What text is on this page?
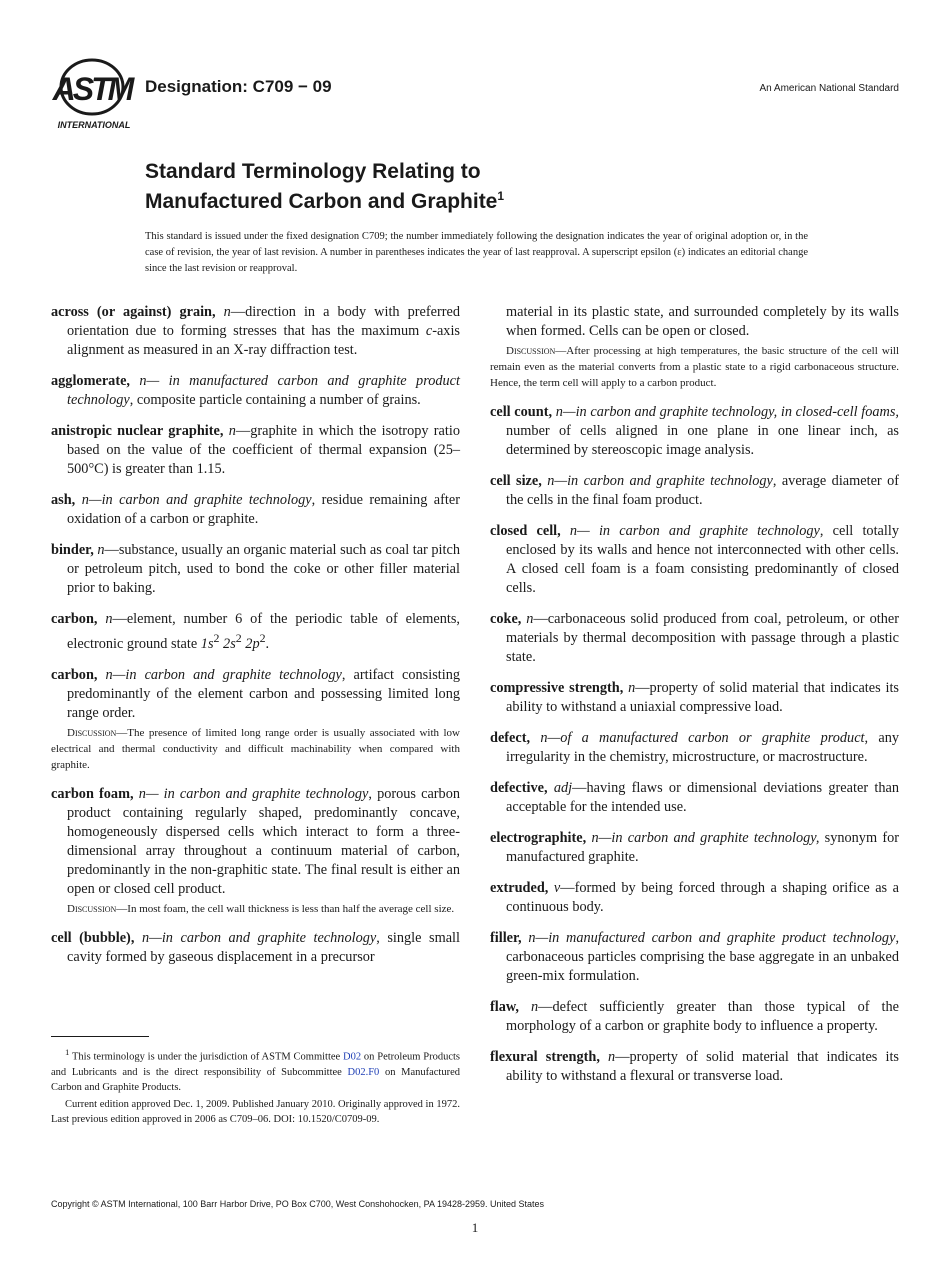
ASTM
INTERNATIONAL
Designation: C709 − 09	An American National Standard
Standard Terminology Relating to
Manufactured Carbon and Graphite$^1$
This standard is issued under the fixed designation C709; the number immediately following the designation indicates the year of original adoption or, in the case of revision, the year of last revision. A number in parentheses indicates the year of last reapproval. A superscript epsilon (ε) indicates an editorial change since the last revision or reapproval.

across (or against) grain, n—direction in a body with preferred orientation due to forming stresses that has the maximum c-axis alignment as measured in an X-ray diffraction test.

agglomerate, n— in manufactured carbon and graphite product technology, composite particle containing a number of grains.

anistropic nuclear graphite, n—graphite in which the isotropy ratio based on the value of the coefficient of thermal expansion (25–500°C) is greater than 1.15.

ash, n—in carbon and graphite technology, residue remaining after oxidation of a carbon or graphite.

binder, n—substance, usually an organic material such as coal tar pitch or petroleum pitch, used to bond the coke or other filler material prior to baking.

carbon, n—element, number 6 of the periodic table of elements, electronic ground state $1s^2$ $2s^2$ $2p^2$.

carbon, n—in carbon and graphite technology, artifact consisting predominantly of the element carbon and possessing limited long range order.

Discussion—The presence of limited long range order is usually associated with low electrical and thermal conductivity and difficult machinability when compared with graphite.

carbon foam, n— in carbon and graphite technology, porous carbon product containing regularly shaped, predominantly concave, homogeneously dispersed cells which interact to form a three-dimensional array throughout a continuum material of carbon, predominantly in the non-graphitic state. The final result is either an open or closed cell product.

Discussion—In most foam, the cell wall thickness is less than half the average cell size.

cell (bubble), n—in carbon and graphite technology, single small cavity formed by gaseous displacement in a precursor

material in its plastic state, and surrounded completely by its walls when formed. Cells can be open or closed.

Discussion—After processing at high temperatures, the basic structure of the cell will remain even as the material converts from a plastic state to a rigid carbonaceous structure. Hence, the term cell will apply to a carbon product.

cell count, n—in carbon and graphite technology, in closed-cell foams, number of cells aligned in one plane in one linear inch, as determined by stereoscopic image analysis.

cell size, n—in carbon and graphite technology, average diameter of the cells in the final foam product.

closed cell, n— in carbon and graphite technology, cell totally enclosed by its walls and hence not interconnected with other cells. A closed cell foam is a foam consisting predominantly of closed cells.

coke, n—carbonaceous solid produced from coal, petroleum, or other materials by thermal decomposition with passage through a plastic state.

compressive strength, n—property of solid material that indicates its ability to withstand a uniaxial compressive load.

defect, n—of a manufactured carbon or graphite product, any irregularity in the chemistry, microstructure, or macrostructure.

defective, adj—having flaws or dimensional deviations greater than acceptable for the intended use.

electrographite, n—in carbon and graphite technology, synonym for manufactured graphite.

extruded, v—formed by being forced through a shaping orifice as a continuous body.

filler, n—in manufactured carbon and graphite product technology, carbonaceous particles comprising the base aggregate in an unbaked green-mix formulation.

flaw, n—defect sufficiently greater than those typical of the morphology of a carbon or graphite body to influence a property.

flexural strength, n—property of solid material that indicates its ability to withstand a flexural or transverse load.

$^1$ This terminology is under the jurisdiction of ASTM Committee D02 on Petroleum Products and Lubricants and is the direct responsibility of Subcommittee D02.F0 on Manufactured Carbon and Graphite Products.

Current edition approved Dec. 1, 2009. Published January 2010. Originally approved in 1972. Last previous edition approved in 2006 as C709–06. DOI: 10.1520/C0709-09.

Copyright © ASTM International, 100 Barr Harbor Drive, PO Box C700, West Conshohocken, PA 19428-2959. United States
1
